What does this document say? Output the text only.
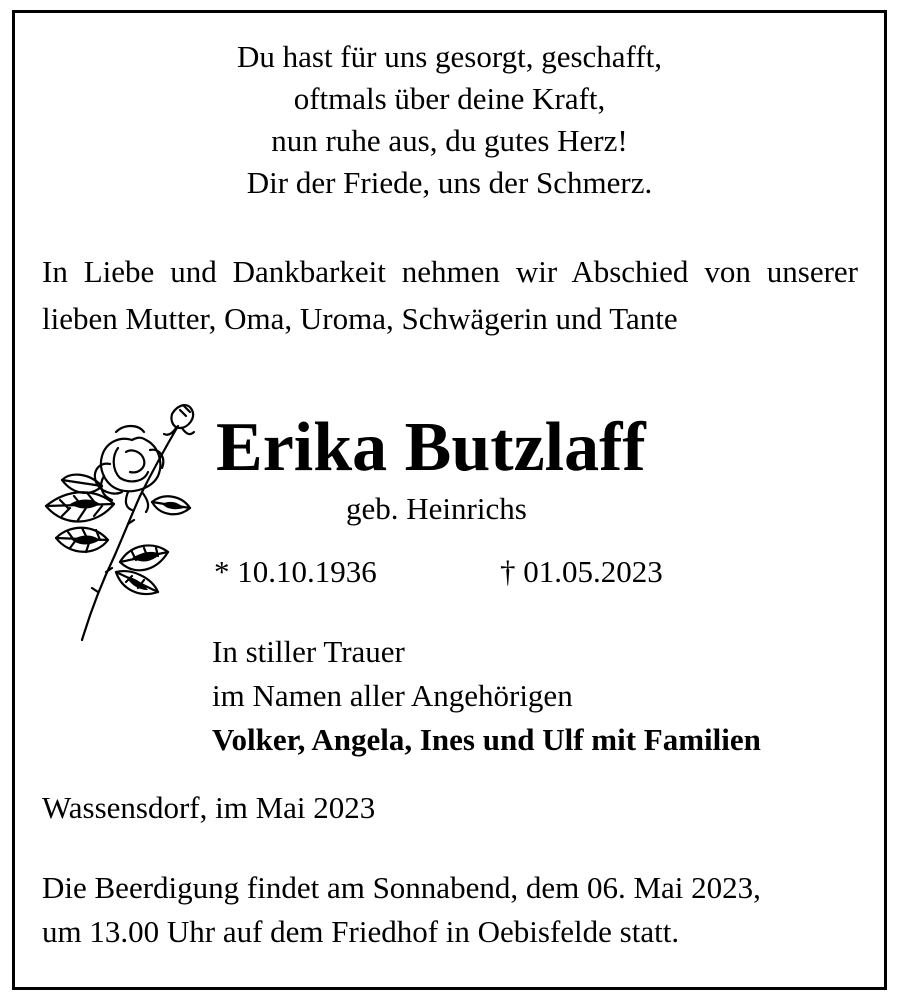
Du hast für uns gesorgt, geschafft,
oftmals über deine Kraft,
nun ruhe aus, du gutes Herz!
Dir der Friede, uns der Schmerz.
In Liebe und Dankbarkeit nehmen wir Abschied von unserer lieben Mutter, Oma, Uroma, Schwägerin und Tante
Erika Butzlaff
geb. Heinrichs
* 10.10.1936	† 01.05.2023
In stiller Trauer
im Namen aller Angehörigen
Volker, Angela, Ines und Ulf mit Familien
Wassensdorf, im Mai 2023
Die Beerdigung findet am Sonnabend, dem 06. Mai 2023,
um 13.00 Uhr auf dem Friedhof in Oebisfelde statt.
